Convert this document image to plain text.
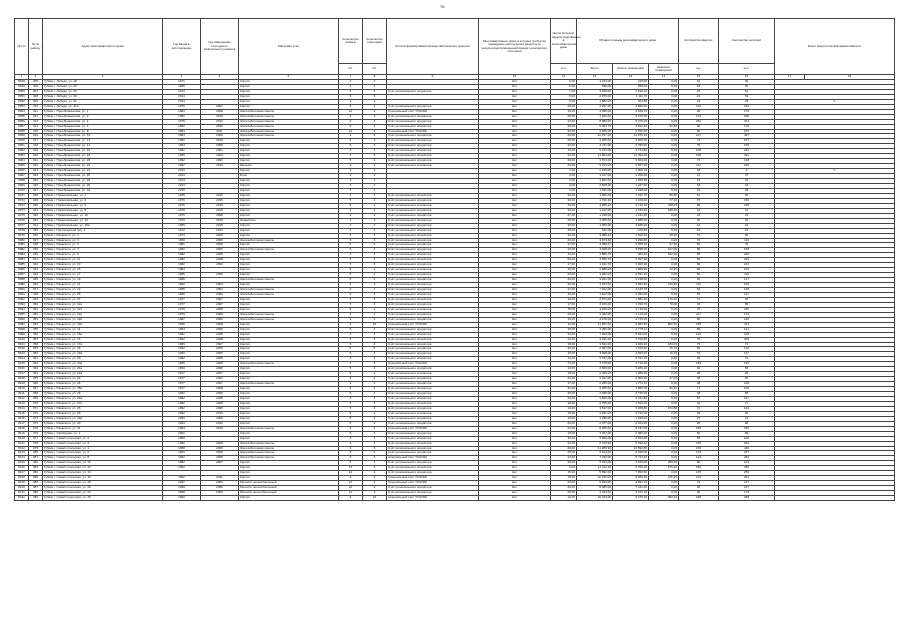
76
№ п/п	№ по району	Адрес многоквартирного дома	Год ввода в эксплуатацию	Год завершения последнего капитального ремонта	Материал стен	Количество этажей	Количество подъездов	Способ формирования фонда капитального ремонта	Многоквартирные дома, в которых требуется проведение капитального ремонта по результатам проведенной оценки технического состояния	Число жителей, зарегистрированных в многоквартирном доме	Общая площадь многоквартирного дома			Количество квартир	Количество жителей	Класс энергетической эффективности	
						шт.	шт.			чел.	Всего	Жилых помещений	Нежилых помещений	ед.	чел.		
1	2	3	4	5	6	7	8	9	10	11	12	13	14	15	16	17	18
8048	305	Губкин г. Лебеди, ул. 18	1971		Кирпич	3	2		Нет	5,00	1 244,00	419,00	0,00	16	30		
8049	306	Губкин г. Лебеди, ул. 20	1965		Кирпич	2	2		Нет	5,00	838,00	838,00	0,00	18	30		
8050	307	Губкин г. Лебеди, ул. 26	2014		Кирпич	3	3	Счёт регионального оператора	Нет	7,00	3 208,00	1 190,00	0,00	23	61		
8051	308	Губкин г. Лебеди, ул. 30	2014		Кирпич	3	3		Нет	5,00	2 975,00	1 111,70	0,00	24	53		
8052	309	Губкин г. Лебеди, ул. 31	2014		Кирпич	2	2		Нет	6,00	1 882,00	464,80	0,00	19	33	C	
8053	310	Губкин г. Лебеди, ул. 31а	1976	2007	Кирпич	5	4	Счёт регионального оператора	Нет	20,00	4 257,00	3 966,00	0,00	103	233		
8054	311	Губкин г. Преображенская, ул. 1	1983	2008	Железобетонная панель	12	2	Специальный счёт ТСЖ/ЖК	Нет	16,00	4 965,00	4 648,70	0,00	90	175		
8055	312	Губкин г. Преображенская, ул. 2	1991	2010	Железобетонная панель	9	3	Счёт регионального оператора	Нет	20,00	7 041,00	6 572,00	0,00	143	208		
8056	313	Губкин г. Преображенская, ул. 4	1975	2010	Железобетонная панель	9	4	Счёт регионального оператора	Нет	24,00	8 880,00	8 379,00	0,00	252	344		
8057	314	Губкин г. Преображенская, ул. 6	1982	2009	Железобетонная панель	9	2	Счёт регионального оператора	Нет	20,00	5 064,70	4 812,10	91,50	90	175		
8058	315	Губкин г. Преображенская, ул. 8	1984	2011	Железобетонная панель	12	3	Специальный счёт ТСЖ/ЖК	Нет	22,00	4 965,00	4 532,00	0,00	90	157		
8059	316	Губкин г. Преображенская, ул. 10	1984	2009	Железобетонная панель	9	6	Счёт регионального оператора	Нет	23,00	12 257,00	11 676,10	0,00	217	497		
8060	317	Губкин г. Преображенская, ул. 12	1991	2010	Кирпич	5	3	Счёт регионального оператора	Нет	20,00	4 206,00	3 966,00	0,00	72	157		
8061	318	Губкин г. Преображенская, ул. 14	1994	2009	Кирпич	5	3	Счёт регионального оператора	Нет	20,00	4 471,00	3 499,90	0,00	75	160		
8062	319	Губкин г. Преображенская, ул. 16	1991	2001	Кирпич	5	4	Счёт регионального оператора	Нет	15,00	5 154,00	4 744,60	0,00	108	223		
8063	320	Губкин г. Преображенская, ул. 18	1995	2002	Кирпич	9	3	Счёт регионального оператора	Нет	23,00	11 864,00	11 394,40	0,00	198	391		
8064	321	Губкин г. Преображенская, ул. 20	1992	2002	Кирпич	5	2	Счёт регионального оператора	Нет	20,00	3 874,00	3 603,00	0,00	72	148		
8065	322	Губкин г. Преображенская, ул. 22	1997	2013	Монолит	9	3	Счёт регионального оператора	Нет	23,00	5 794,00	5 557,00	0,00	114	232		
8066	323	Губкин г. Преображенская, ул. 24	2013		Кирпич	3	3		Нет	0,00	2 975,00	1 006,70	0,00	18	4	C	
8067	324	Губкин г. Преображенская, ул. 26	2013		Блок	3	3		Нет	0,00	3 417,00	1 256,00	0,00	11	37		
8068	325	Губкин г. Преображенская, ул. 28	2014		Кирпич	3	2		Нет	0,00	1 822,00	1 256,90	0,00	19	44		
8069	326	Губкин г. Преображенская, ул. 30	2014		Кирпич	3	3		Нет	0,00	2 608,00	1 227,00	0,00	18	44		
8070	327	Губкин г. Преображенская, ул. 32	2015		Кирпич	3	2		Нет	5,00	1 496,00	1 228,00	0,00	19	39		
8071	328	Губкин г. Привокзальная, ул. 1	1965	2015	Кирпич	2	2	Счёт регионального оператора	Нет	30,00	1 006,00	1 222,70	66,80	16	36		
8072	329	Губкин г. Привокзальная, ул. 3	1976	2015	Кирпич	5	4	Счёт регионального оператора	Нет	30,00	1 700,40	1 100,00	77,40	76	150		
8073	330	Губкин г. Привокзальная, ул. 5	1976	2015	Кирпич	5	4	Счёт регионального оператора	Нет	30,00	4 058,10	3 710,10	348,10	89	138		
8074	331	Губкин г. Привокзальная, ул. 8	1978	2015	Кирпич	2	2	Счёт регионального оператора	Нет	30,00	1 347,00	1 150,40	188,30	22	41		
8075	332	Губкин г. Привокзальная, ул. 10	1976	2008	Кирпич	2	2	Счёт регионального оператора	Нет	27,00	1 348,00	1 191,00	0,00	18	41		
8076	333	Губкин г. Привокзальная, ул. 13	1979	2015	Шлакоблок	2	3	Счёт регионального оператора	Нет	40,00	1 405,00	1 288,00	0,00	20	34		
8077	334	Губкин г. Привокзальная, ул. 15а	1965	2015	Кирпич	2	2	Счёт регионального оператора	Нет	30,00	1 383,00	1 045,00	0,00	16	34		
8078	335	Губкин г. Пролетарский пер. 4	1972	2013	Кирпич	3	2	Счёт регионального оператора	Нет	28,00	531,00	470,50	0,00	10	21		
8079	336	Губкин г. Раевского, ул. 1	1974	2005	Кирпич	5	4	Счёт регионального оператора	Нет	30,00	3 488,10	2 846,60	48,30	72	94		
8080	337	Губкин г. Раевского, ул. 3	1980	2006	Железобетонная панель	5	4	Счёт регионального оператора	Нет	20,00	3 673,60	3 299,80	0,00	70	113		
8081	338	Губкин г. Раевского, ул. 5	1981	2008	Кирпич	5	4	Счёт регионального оператора	Нет	37,00	4 080,07	3 568,40	97,00	60	76		
8082	339	Губкин г. Раевского, ул. 7	1982	2005	Железобетонная панель	5	4	Счёт регионального оператора	Нет	20,00	4 048,00	3 298,00	107,00	80	155		
8083	340	Губкин г. Раевского, ул. 9	1982	2008	Кирпич	5	4	Счёт регионального оператора	Нет	43,00	3 885,70	309,30	152,00	85	202		
8084	341	Губкин г. Раевского, ул. 11	1982	2008	Кирпич	5	4	Счёт регионального оператора	Нет	50,00	4 450,70	4 097,90	0,00	80	229		
8085	342	Губкин г. Раевского, ул. 13	1982	2002	Кирпич	5	6	Счёт регионального оператора	Нет	17,00	1 101,70	3 006,90	0,00	80	244		
8086	343	Губкин г. Раевского, ул. 15	1984		Кирпич	5	4	Счёт регионального оператора	Нет	40,00	2 988,00	1 869,90	13,90	60	102		
8087	344	Губкин г. Раевского, ул. 17	1985	2006	Кирпич	5	4	Счёт регионального оператора	Нет	20,00	3 282,04	2 591,10	0,00	80	112		
8088	345	Губкин г. Раевского, ул. 19	1985		Железобетонная панель	5	6	Счёт регионального оператора	Нет	20,00	5 321,00	5 198,00	0,00	84	147		
8089	346	Губкин г. Раевского, ул. 21	1992	2004	Кирпич	5	3	Счёт регионального оператора	Нет	32,00	3 544,00	3 092,60	216,80	110	102		
8090	347	Губкин г. Раевского, ул. 23	1985	2004	Железобетонная панель	9	1	Счёт регионального оператора	Нет	21,00	7 012,00	4 120,70	0,00	62	148		
8091	348	Губкин г. Раевского, ул. 25	1986	2006	Железобетонная панель	9	3	Счёт регионального оператора	Нет	40,00	4 812,00	4 390,00	0,00	60	217		
8092	349	Губкин г. Раевского, ул. 27	1977	2007	Кирпич	5	4	Счёт регионального оператора	Нет	19,00	2 871,00	1 681,90	176,40	74	96		
8093	350	Губкин г. Раевского, ул. 11а	1977	2007	Кирпич	5	4	Счёт регионального оператора	Нет	17,00	2 226,00	1 230,70	78,00	45	89		
8094	351	Губкин г. Раевского, ул. 11б	1979	2008	Кирпич	5	4	Счёт регионального оператора	Нет	78,00	4 025,00	3 716,00	0,00	70	230		
8095	352	Губкин г. Раевского, ул. 11в	1979	2008	Железобетонная панель	5	4	Счёт регионального оператора	Нет	20,00	3 362,00	3 123,00	0,00	117	172		
8096	353	Губкин г. Раевского, ул. 12а	1987	2009	Железобетонная панель	9	5	Счёт регионального оператора	Нет	19,00	4 976,00	4 715,00	0,00	80	192		
8097	354	Губкин г. Раевского, ул. 13а	1995	2008	Кирпич	9	10	Специальный счёт ТСЖ/ЖК	Нет	11,00	11 551,00	9 282,50	862,00	185	314		
8098	355	Губкин г. Раевского, ул. 14	1994	2008	Кирпич	5	4	Счёт регионального оператора	Нет	15,00	3 366,00	2 776,11	0,00	80	121		
8099	356	Губкин г. Раевского, ул. 15а	1991	2008	Кирпич	5	4	Счёт регионального оператора	Нет	20,00	7 029,00	6 944,00	0,00	120	278		
8100	357	Губкин г. Раевского, ул. 16	1992	2008	Кирпич	5	4	Счёт регионального оператора	Нет	20,00	4 031,00	3 766,50	0,00	79	309		
8101	358	Губкин г. Раевского, ул. 17а	1995	2007	Кирпич	5	4	Счёт регионального оператора	Нет	18,00	3 521,00	3 049,40	183,00	75	71		
8102	359	Губкин г. Раевского, ул. 18	1992	2006	Кирпич	5	5	Счёт регионального оператора	Нет	30,00	2 987,00	1 919,60	16,70	99	145		
8103	360	Губкин г. Раевского, ул. 19а	1990	2006	Кирпич	5	4	Счёт регионального оператора	Нет	16,00	3 098,00	2 933,00	16,70	72	147		
8104	361	Губкин г. Раевского, ул. 20	1992	2008	Кирпич	5	2	Счёт регионального оператора	Нет	10,00	2 977,00	2 761,10	0,00	36	72		
8105	362	Губкин г. Раевского, ул. 20а	1995	2008	Железобетонная панель	9	3	Специальный счёт ТСЖ/ЖК	Нет	73,00	4 278,00	4 719,00	0,00	189	190		
8106	363	Губкин г. Раевского, ул. 21а	1993	2008	Кирпич	5	4	Счёт регионального оператора	Нет	14,00	2 666,00	1 269,20	0,00	60	59		
8107	364	Губкин г. Раевского, ул. 22а	1977	2007	Кирпич	5	4	Счёт регионального оператора	Нет	18,00	2 400,00	1 380,20	0,00	48	92		
8108	365	Губкин г. Раевского, ул. 23	1977	2007	Кирпич	5	4	Счёт регионального оператора	Нет	22,00	2 497,00	2 003,90	97,00	48	96		
8109	366	Губкин г. Раевского, ул. 24	1977	2007	Железобетонная панель	9	4	Счёт регионального оператора	Нет	17,00	2 285,00	1 774,10	0,00	48	108		
8110	367	Губкин г. Раевского, ул. 25а	1977	2008	Кирпич	5	4	Счёт регионального оператора	Нет	31,00	2 286,00	1 982,00	36,40	71	106		
8111	368	Губкин г. Раевского, ул. 26	1992	2008	Кирпич	5	4	Счёт регионального оператора	Нет	26,00	2 968,00	2 730,00	0,00	48	98		
8112	369	Губкин г. Раевского, ул. 26а	1992	2008	Кирпич	5	4	Счёт регионального оператора	Нет	20,00	3 605,00	3 441,80	0,00	67	167		
8113	370	Губкин г. Раевского, ул. 27а	1992	2008	Кирпич	5	4	Счёт регионального оператора	Нет	18,00	2 755,00	2 520,00	0,00	42	71		
8114	371	Губкин г. Раевского, ул. 28	1992	2008	Кирпич	5	4	Счёт регионального оператора	Нет	13,00	3 547,00	3 268,80	153,80	72	124		
8115	372	Губкин г. Раевского, ул. 29	1992	2010	Кирпич	5	4	Счёт регионального оператора	Нет	15,00	2 941,00	2 732,00	0,00	49	90		
8116	373	Губкин г. Раевского, ул. 29а	1993	2006	Кирпич	5	2	Счёт регионального оператора	Нет	16,00	1 288,00	1 916,00	0,00	27	41		
8117	374	Губкин г. Раевского, ул. 30	1993	2010	Кирпич	5	3	Счёт регионального оператора	Нет	20,00	2 977,00	2 814,00	0,00	36	98		
8118	375	Губкин г. Раевского, ул. 31	1994	2010	Железобетонная панель	9	4	Специальный счёт ТСЖ/ЖК	Нет	21,00	8 256,00	8 197,00	0,00	189	250		
8119	376	Губкин г. Свободная, ул. 1	2002		Кирпич	5	3	Счёт регионального оператора	Нет	19,00	3 307,00	2 982,00	0,00	60	99		
8120	377	Губкин г. Севастопольская, ул. 2	1980		Кирпич	5	4	Счёт регионального оператора	Нет	30,00	2 996,00	2 813,00	0,00	65	100		
8121	378	Губкин г. Севастопольская, ул. 3	1990	2009	Железобетонная панель	9	4	Счёт регионального оператора	Нет	24,00	6 709,90	6 330,40	0,00	145	264		
8122	379	Губкин г. Севастопольская, ул. 4	1988	2009	Железобетонная панель	9	6	Счёт регионального оператора	Нет	20,00	11 289,90	10 592,80	0,00	216	446		
8123	380	Губкин г. Севастопольская, ул. 6	1993	2008	Железобетонная панель	9	4	Счёт регионального оператора	Нет	25,00	6 914,00	6 440,00	0,00	145	267		
8124	381	Губкин г. Севастопольская, ул. 8	1992	2008	Железобетонная панель	9	3	Специальный счёт ТСЖ/ЖК	Нет	24,00	7 230,00	6 744,20	0,00	144	284		
8125	382	Губкин г. Севастопольская, ул. 10	1982	2007	Кирпич	5	4	Счёт регионального оператора	Нет	20,00	5 020,00	4 519,00	208,00	80	151		
8126	383	Губкин г. Севастопольская, ул. 12	1992		Кирпич	12	2	Счёт регионального оператора	Нет	6,00	11 412,20	9 759,20	576,40	180	280		
8127	384	Губкин г. Севастопольская, ул. 14			Кирпич	12	2	Счёт регионального оператора	Нет	15,00	5 892,00	7 952,50	0,00	145	256		
8128	385	Губкин г. Севастопольская, ул. 16	1992	2011	Кирпич	9	6	Специальный счёт ТСЖ/ЖК	Нет	15,00	10 043,00	8 659,30	476,90	212	264		
8129	386	Губкин г. Севастопольская, ул. 18	1997	2006	Монолит железобетонный	12	2	Специальный счёт ТСЖ/ЖК	Нет	20,00	5 693,00	4 691,70	0,00	72	217		
8130	387	Губкин г. Севастопольская, ул. 20	1999	2008	Монолит железобетонный	10	3	Счёт регионального оператора	Нет	20,00	8 065,00	7 441,00	0,00	92	197		
8131	388	Губкин г. Севастопольская, ул. 24	1998	2005	Монолит железобетонный	11	3	Счёт регионального оператора	Нет	20,00	4 344,00	3 472,10	0,00	90	173		
8132	389	Губкин г. Севастопольская, ул. 25	1999		Кирпич	9	10	Специальный счёт ТСЖ/ЖК	Нет	12,00	10 244,00	9 476,30	993,10	198	368		
